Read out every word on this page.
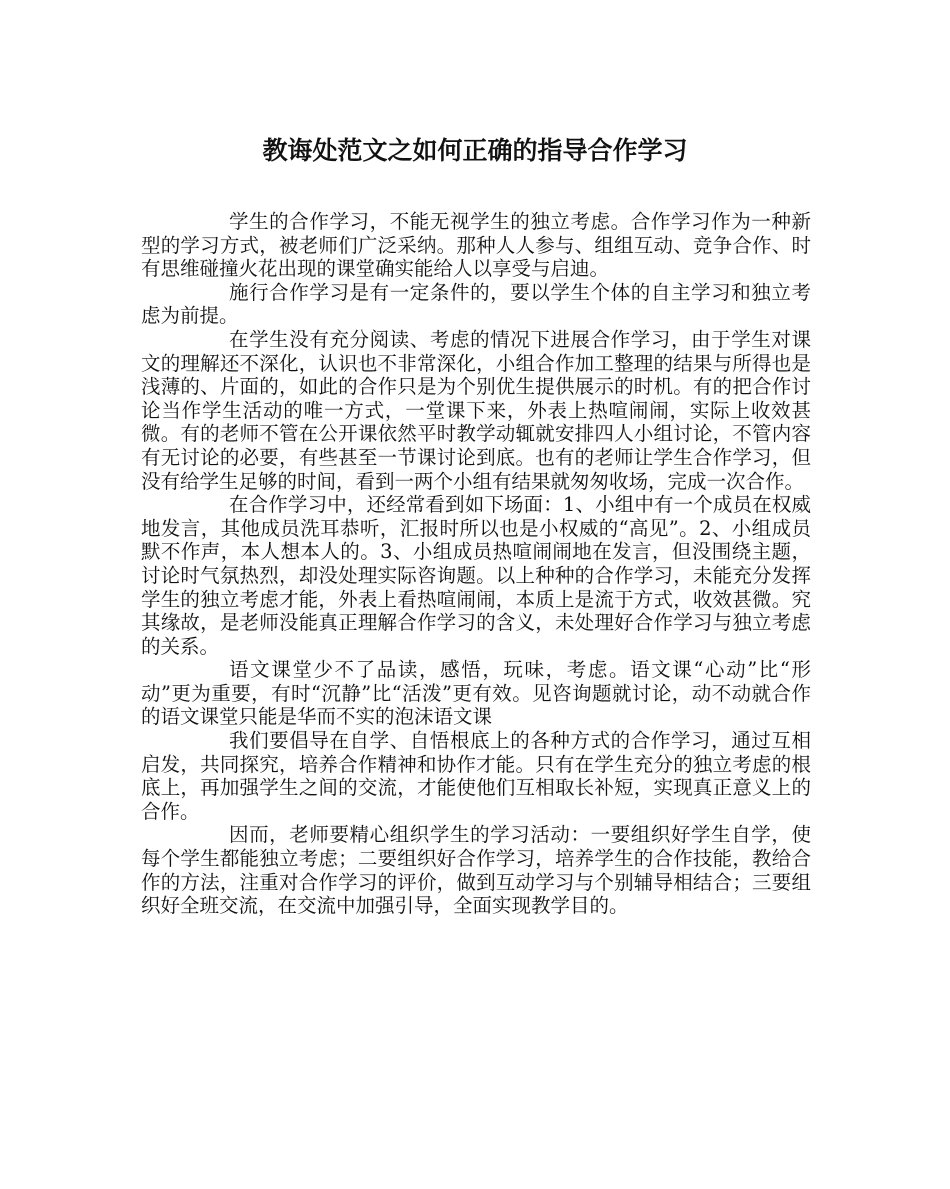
教诲处范文之如何正确的指导合作学习

学生的合作学习，不能无视学生的独立考虑。合作学习作为一种新型的学习方式，被老师们广泛采纳。那种人人参与、组组互动、竞争合作、时有思维碰撞火花出现的课堂确实能给人以享受与启迪。

施行合作学习是有一定条件的，要以学生个体的自主学习和独立考虑为前提。

在学生没有充分阅读、考虑的情况下进展合作学习，由于学生对课文的理解还不深化，认识也不非常深化，小组合作加工整理的结果与所得也是浅薄的、片面的，如此的合作只是为个别优生提供展示的时机。有的把合作讨论当作学生活动的唯一方式，一堂课下来，外表上热喧闹闹，实际上收效甚微。有的老师不管在公开课依然平时教学动辄就安排四人小组讨论，不管内容有无讨论的必要，有些甚至一节课讨论到底。也有的老师让学生合作学习，但没有给学生足够的时间，看到一两个小组有结果就匆匆收场，完成一次合作。

在合作学习中，还经常看到如下场面：1、小组中有一个成员在权威地发言，其他成员洗耳恭听，汇报时所以也是小权威的“高见”。2、小组成员默不作声，本人想本人的。3、小组成员热喧闹闹地在发言，但没围绕主题，讨论时气氛热烈，却没处理实际咨询题。以上种种的合作学习，未能充分发挥学生的独立考虑才能，外表上看热喧闹闹，本质上是流于方式，收效甚微。究其缘故，是老师没能真正理解合作学习的含义，未处理好合作学习与独立考虑的关系。

语文课堂少不了品读，感悟，玩味，考虑。语文课“心动”比“形动”更为重要，有时“沉静”比“活泼”更有效。见咨询题就讨论，动不动就合作的语文课堂只能是华而不实的泡沫语文课

我们要倡导在自学、自悟根底上的各种方式的合作学习，通过互相启发，共同探究，培养合作精神和协作才能。只有在学生充分的独立考虑的根底上，再加强学生之间的交流，才能使他们互相取长补短，实现真正意义上的合作。

因而，老师要精心组织学生的学习活动：一要组织好学生自学，使每个学生都能独立考虑；二要组织好合作学习，培养学生的合作技能，教给合作的方法，注重对合作学习的评价，做到互动学习与个别辅导相结合；三要组织好全班交流，在交流中加强引导，全面实现教学目的。
